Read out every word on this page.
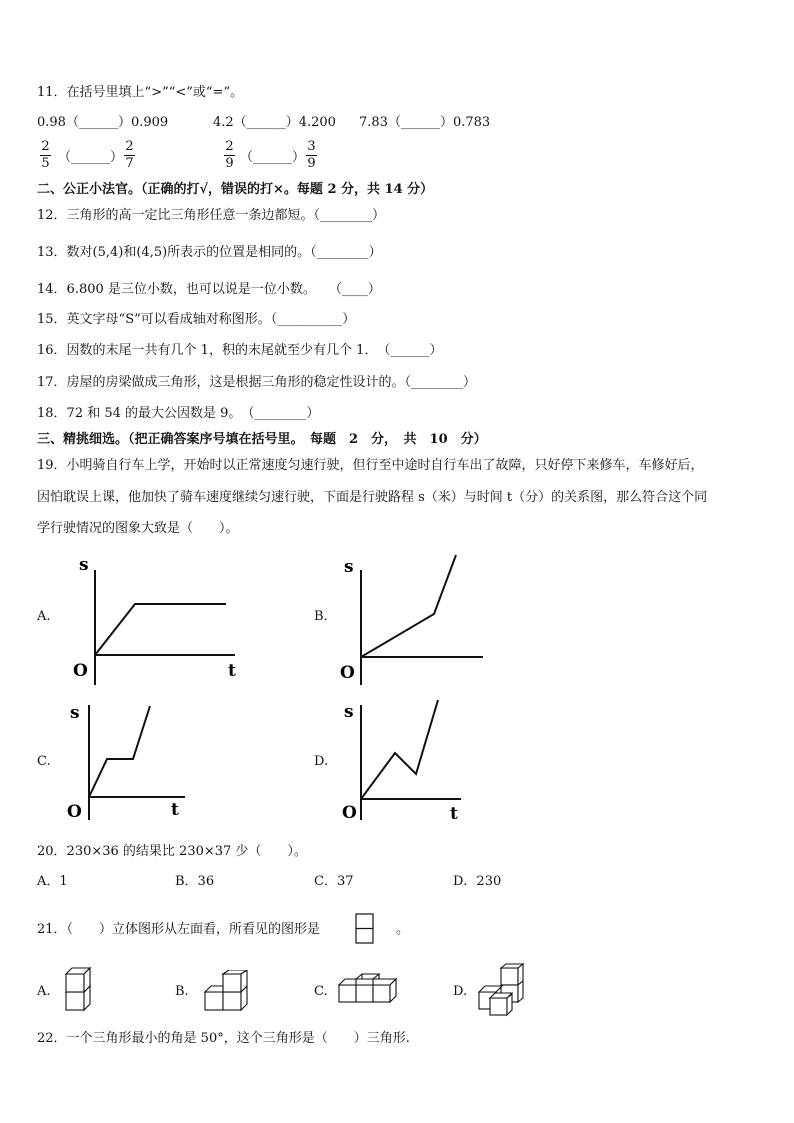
11．在括号里填上“>”“<”或“=”。
0.98（______）0.909	4.2（______）4.200 7.83（______）0.783
2
5 （______）
2
7
2
9 （______）
3
9
二、公正小法官。（正确的打√，错误的打×。每题 2 分，共 14 分）
12．三角形的高一定比三角形任意一条边都短。（________）
13．数对(5,4)和(4,5)所表示的位置是相同的。（________）
14．6.800 是三位小数，也可以说是一位小数。　　（____）
15．英文字母“S”可以看成轴对称图形。（__________）
16．因数的末尾一共有几个 1，积的末尾就至少有几个 1．　（______）
17．房屋的房梁做成三角形，这是根据三角形的稳定性设计的。（________）
18．72 和 54 的最大公因数是 9。　（________）
三、精挑细选。（把正确答案序号填在括号里。　每题　2　分，　共　10　分）
19．小明骑自行车上学，开始时以正常速度匀速行驶，但行至中途时自行车出了故障，只好停下来修车，车修好后，
因怕耽误上课，他加快了骑车速度继续匀速行驶，下面是行驶路程 s（米）与时间 t（分）的关系图，那么符合这个同
学行驶情况的图象大致是（　　）。
A.
s
t
O
B.
s
O
C.
s
t
O
D.
s
t
O
20．230×36 的结果比 230×37 少（　　）。
A．1	B．36	C．37	D．230
21．（　　）立体图形从左面看，所看见的图形是	。
A.	B.	C.	D.
22．一个三角形最小的角是 50°，这个三角形是（　　）三角形.
